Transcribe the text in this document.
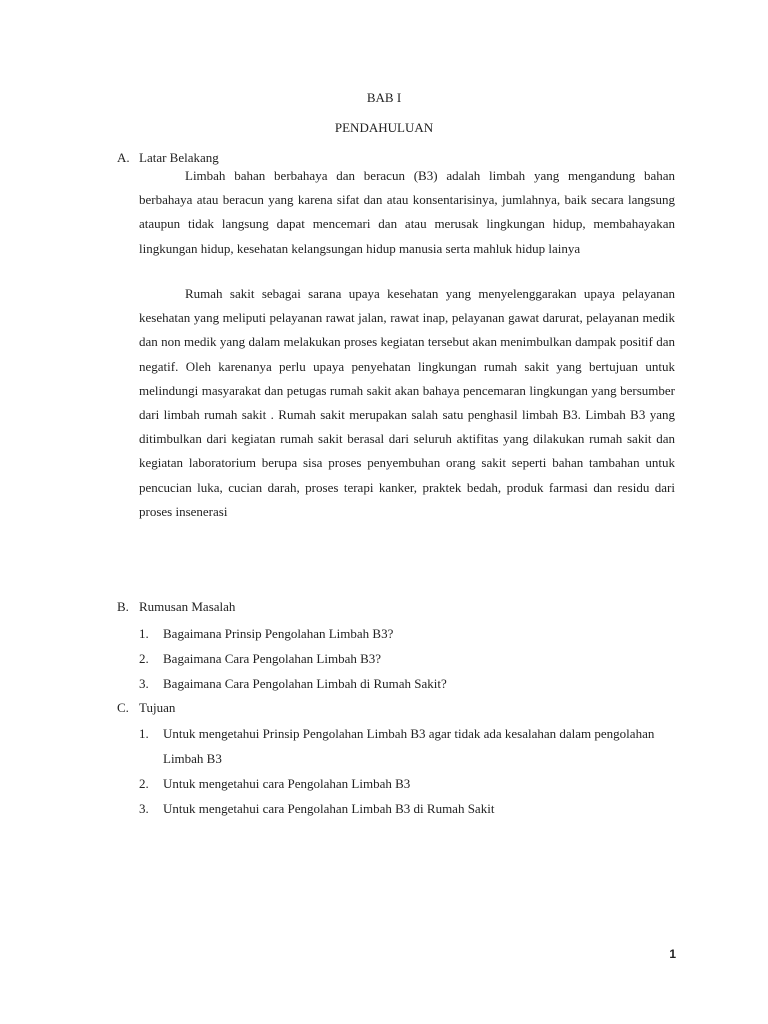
BAB I
PENDAHULUAN
A. Latar Belakang

Limbah bahan berbahaya dan beracun (B3) adalah limbah yang mengandung bahan berbahaya atau beracun yang karena sifat dan atau konsentarisinya, jumlahnya, baik secara langsung ataupun tidak langsung dapat mencemari dan atau merusak lingkungan hidup, membahayakan lingkungan hidup, kesehatan kelangsungan hidup manusia serta mahluk hidup lainya

Rumah sakit sebagai sarana upaya kesehatan yang menyelenggarakan upaya pelayanan kesehatan yang meliputi pelayanan rawat jalan, rawat inap, pelayanan gawat darurat, pelayanan medik dan non medik yang dalam melakukan proses kegiatan tersebut akan menimbulkan dampak positif dan negatif. Oleh karenanya perlu upaya penyehatan lingkungan rumah sakit yang bertujuan untuk melindungi masyarakat dan petugas rumah sakit akan bahaya pencemaran lingkungan yang bersumber dari limbah rumah sakit . Rumah sakit merupakan salah satu penghasil limbah B3. Limbah B3 yang ditimbulkan dari kegiatan rumah sakit berasal dari seluruh aktifitas yang dilakukan rumah sakit dan kegiatan laboratorium berupa sisa proses penyembuhan orang sakit seperti bahan tambahan untuk pencucian luka, cucian darah, proses terapi kanker, praktek bedah, produk farmasi dan residu dari proses insenerasi

B. Rumusan Masalah
1. Bagaimana Prinsip Pengolahan Limbah B3?
2. Bagaimana Cara Pengolahan Limbah B3?
3. Bagaimana Cara Pengolahan Limbah di Rumah Sakit?
C. Tujuan
1. Untuk mengetahui Prinsip Pengolahan Limbah B3 agar tidak ada kesalahan dalam pengolahan Limbah B3
2. Untuk mengetahui cara Pengolahan Limbah B3
3. Untuk mengetahui cara Pengolahan Limbah B3 di Rumah Sakit
1
